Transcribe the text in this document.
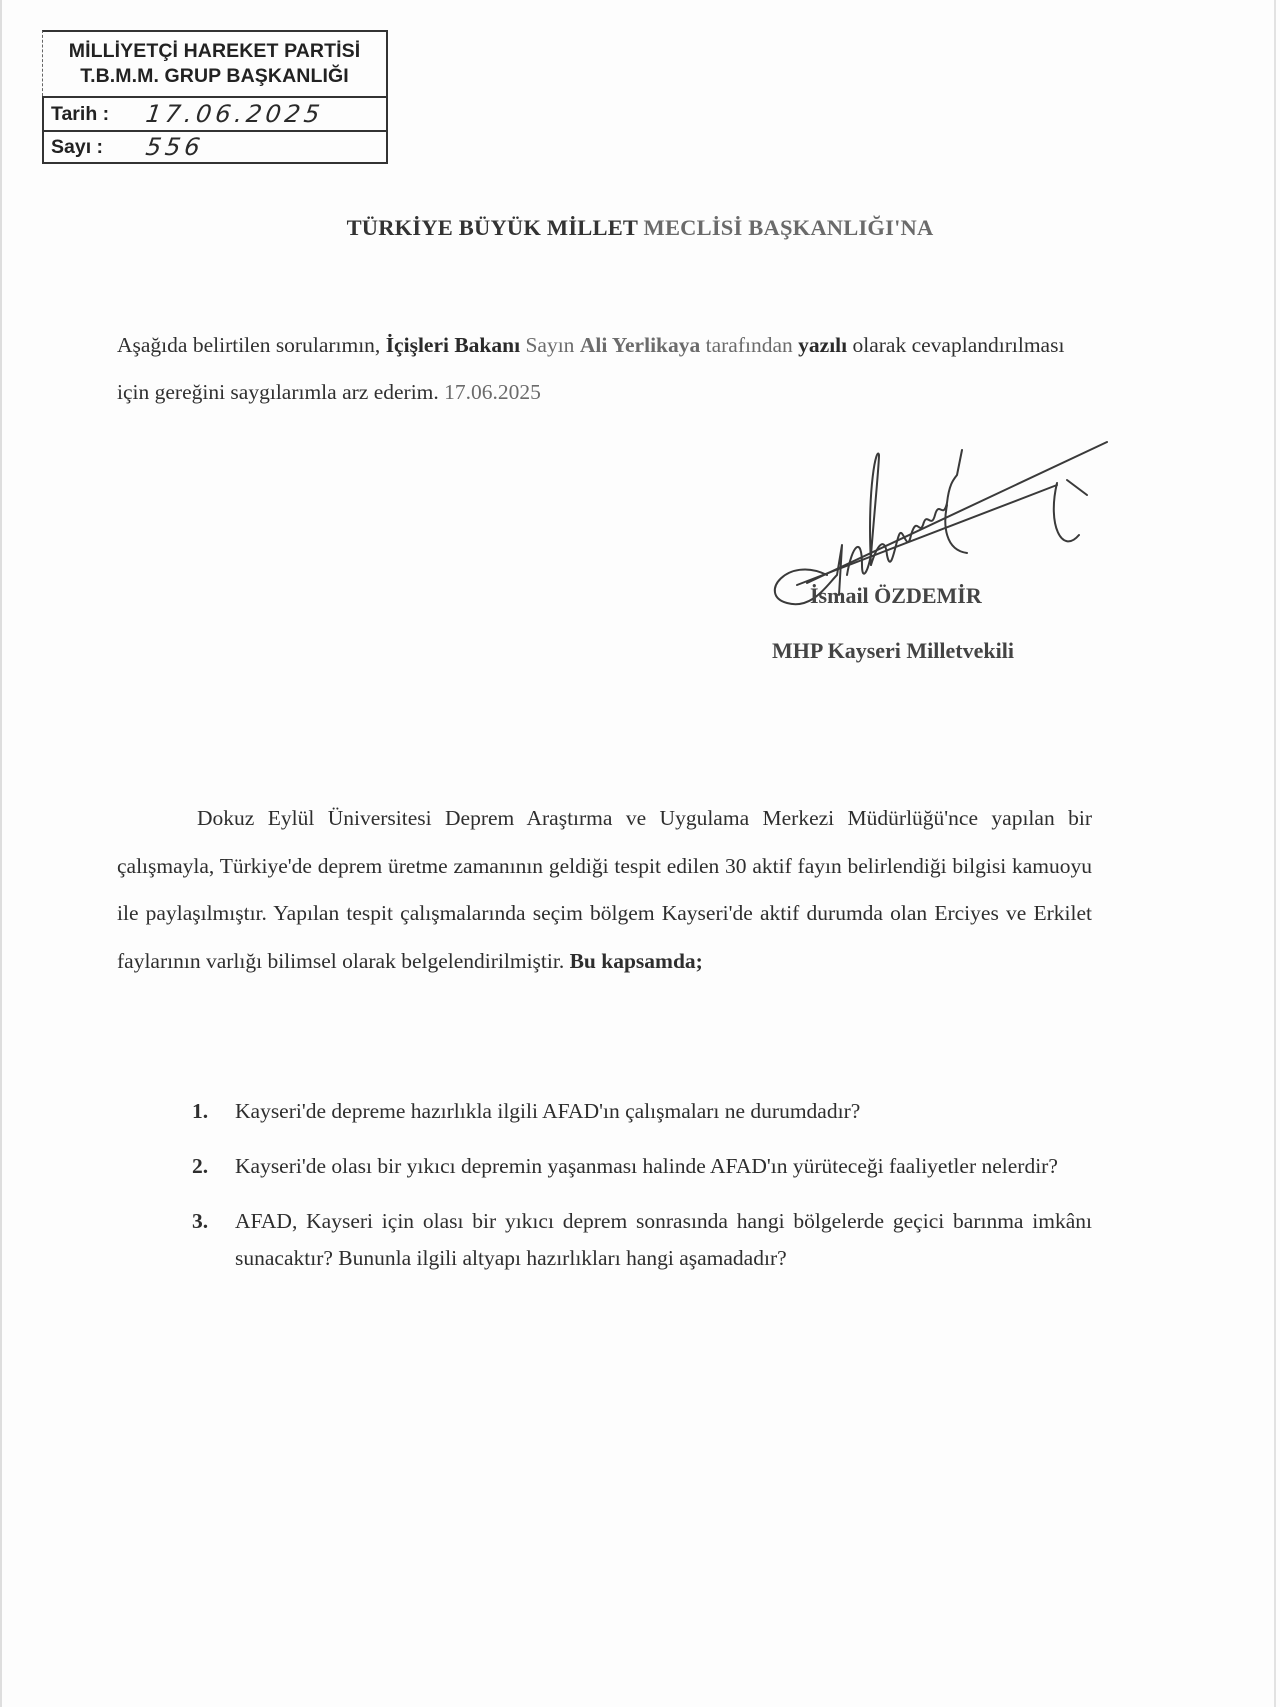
MİLLİYETÇİ HAREKET PARTİSİ
T.B.M.M. GRUP BAŞKANLIĞI
Tarih :	17.06.2025
Sayı :	556
TÜRKİYE BÜYÜK MİLLET MECLİSİ BAŞKANLIĞI'NA
Aşağıda belirtilen sorularımın, İçişleri Bakanı Sayın Ali Yerlikaya tarafından yazılı olarak cevaplandırılması için gereğini saygılarımla arz ederim. 17.06.2025
İsmail ÖZDEMİR
MHP Kayseri Milletvekili
Dokuz Eylül Üniversitesi Deprem Araştırma ve Uygulama Merkezi Müdürlüğü'nce yapılan bir çalışmayla, Türkiye'de deprem üretme zamanının geldiği tespit edilen 30 aktif fayın belirlendiği bilgisi kamuoyu ile paylaşılmıştır. Yapılan tespit çalışmalarında seçim bölgem Kayseri'de aktif durumda olan Erciyes ve Erkilet faylarının varlığı bilimsel olarak belgelendirilmiştir. Bu kapsamda;
1.	Kayseri'de depreme hazırlıkla ilgili AFAD'ın çalışmaları ne durumdadır?
2.	Kayseri'de olası bir yıkıcı depremin yaşanması halinde AFAD'ın yürüteceği faaliyetler nelerdir?
3.	AFAD, Kayseri için olası bir yıkıcı deprem sonrasında hangi bölgelerde geçici barınma imkânı sunacaktır? Bununla ilgili altyapı hazırlıkları hangi aşamadadır?
